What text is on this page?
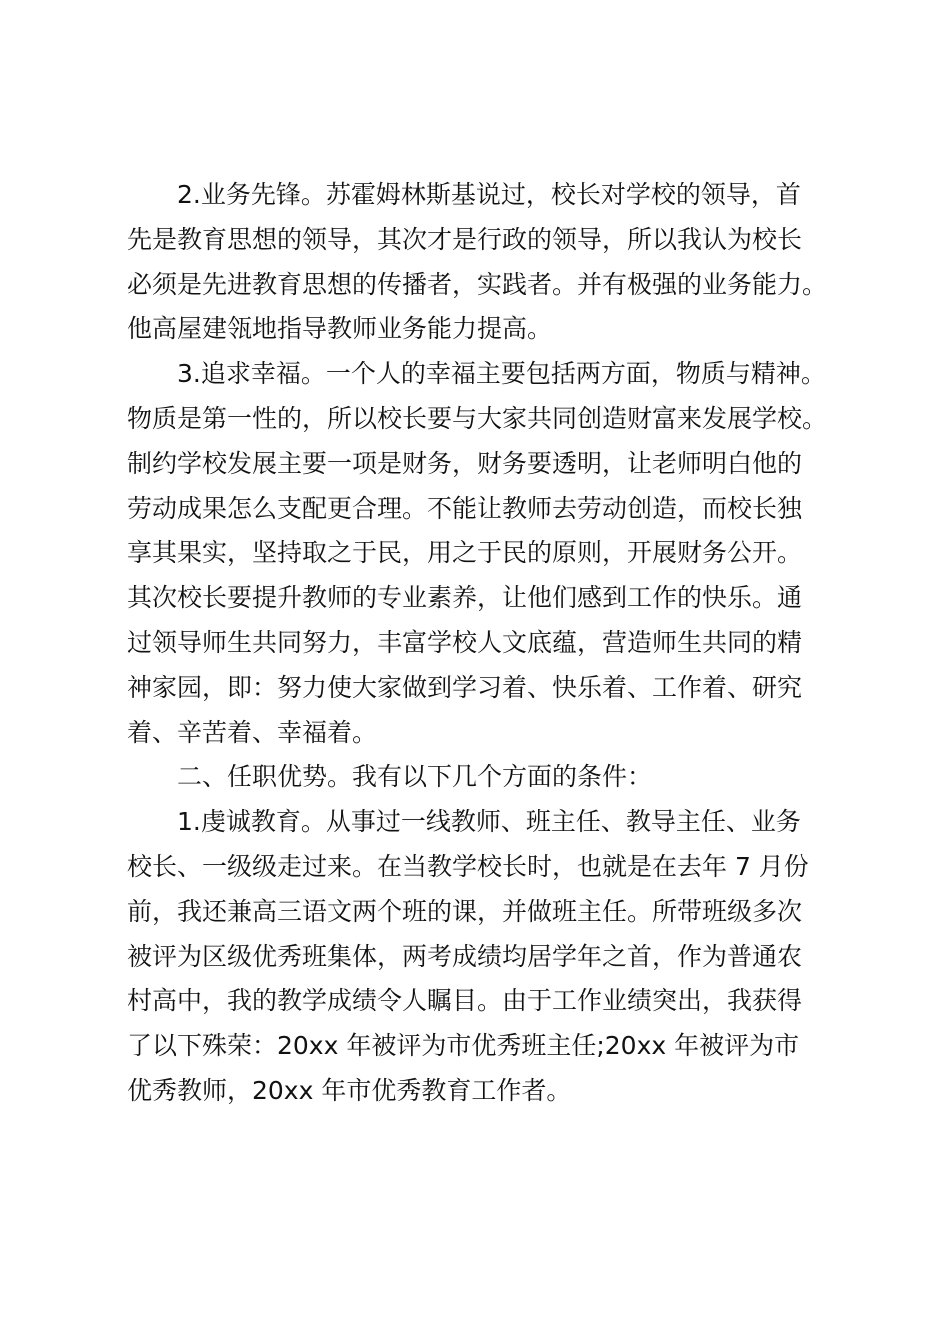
2.业务先锋。苏霍姆林斯基说过，校长对学校的领导，首
先是教育思想的领导，其次才是行政的领导，所以我认为校长
必须是先进教育思想的传播者，实践者。并有极强的业务能力。
他高屋建瓴地指导教师业务能力提高。

3.追求幸福。一个人的幸福主要包括两方面，物质与精神。
物质是第一性的，所以校长要与大家共同创造财富来发展学校。
制约学校发展主要一项是财务，财务要透明，让老师明白他的
劳动成果怎么支配更合理。不能让教师去劳动创造，而校长独
享其果实，坚持取之于民，用之于民的原则，开展财务公开。
其次校长要提升教师的专业素养，让他们感到工作的快乐。通
过领导师生共同努力，丰富学校人文底蕴，营造师生共同的精
神家园，即：努力使大家做到学习着、快乐着、工作着、研究
着、辛苦着、幸福着。

二、任职优势。我有以下几个方面的条件：

1.虔诚教育。从事过一线教师、班主任、教导主任、业务
校长、一级级走过来。在当教学校长时，也就是在去年 7 月份
前，我还兼高三语文两个班的课，并做班主任。所带班级多次
被评为区级优秀班集体，两考成绩均居学年之首，作为普通农
村高中，我的教学成绩令人瞩目。由于工作业绩突出，我获得
了以下殊荣：20xx 年被评为市优秀班主任;20xx 年被评为市
优秀教师，20xx 年市优秀教育工作者。
